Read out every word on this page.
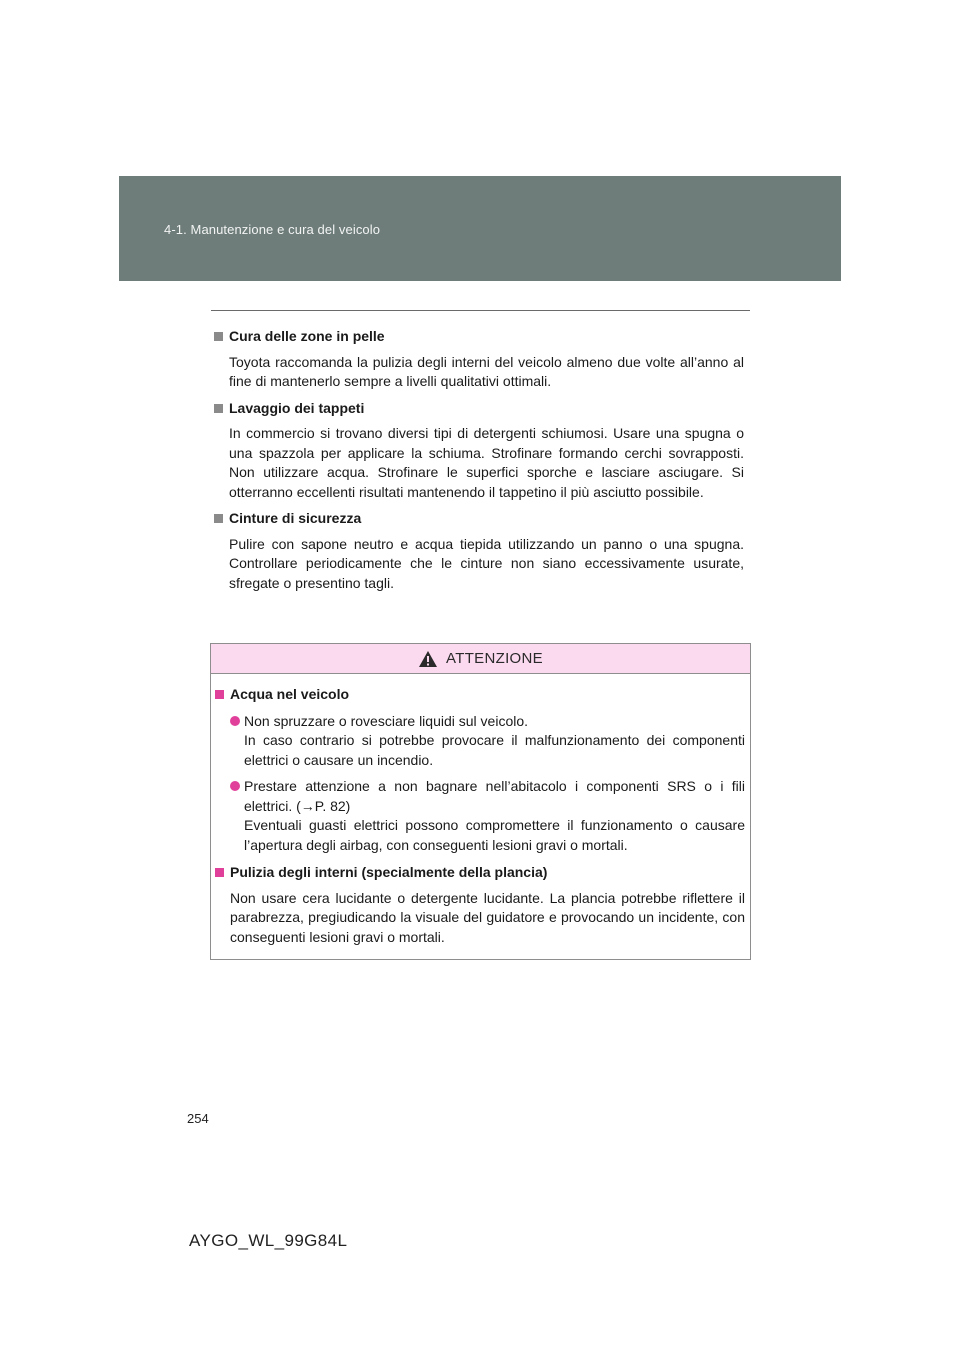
4-1. Manutenzione e cura del veicolo
Cura delle zone in pelle

Toyota raccomanda la pulizia degli interni del veicolo almeno due volte all’anno al fine di mantenerlo sempre a livelli qualitativi ottimali.

Lavaggio dei tappeti

In commercio si trovano diversi tipi di detergenti schiumosi. Usare una spugna o una spazzola per applicare la schiuma. Strofinare formando cerchi sovrapposti. Non utilizzare acqua. Strofinare le superfici sporche e lasciare asciugare. Si otterranno eccellenti risultati mantenendo il tappetino il più asciutto possibile.

Cinture di sicurezza

Pulire con sapone neutro e acqua tiepida utilizzando un panno o una spugna. Controllare periodicamente che le cinture non siano eccessivamente usurate, sfregate o presentino tagli.

ATTENZIONE
Acqua nel veicolo

Non spruzzare o rovesciare liquidi sul veicolo.

In caso contrario si potrebbe provocare il malfunzionamento dei componenti elettrici o causare un incendio.

Prestare attenzione a non bagnare nell’abitacolo i componenti SRS o i fili elettrici. (→P. 82)

Eventuali guasti elettrici possono compromettere il funzionamento o causare l’apertura degli airbag, con conseguenti lesioni gravi o mortali.

Pulizia degli interni (specialmente della plancia)

Non usare cera lucidante o detergente lucidante. La plancia potrebbe riflettere il parabrezza, pregiudicando la visuale del guidatore e provocando un incidente, con conseguenti lesioni gravi o mortali.

254
AYGO_WL_99G84L
